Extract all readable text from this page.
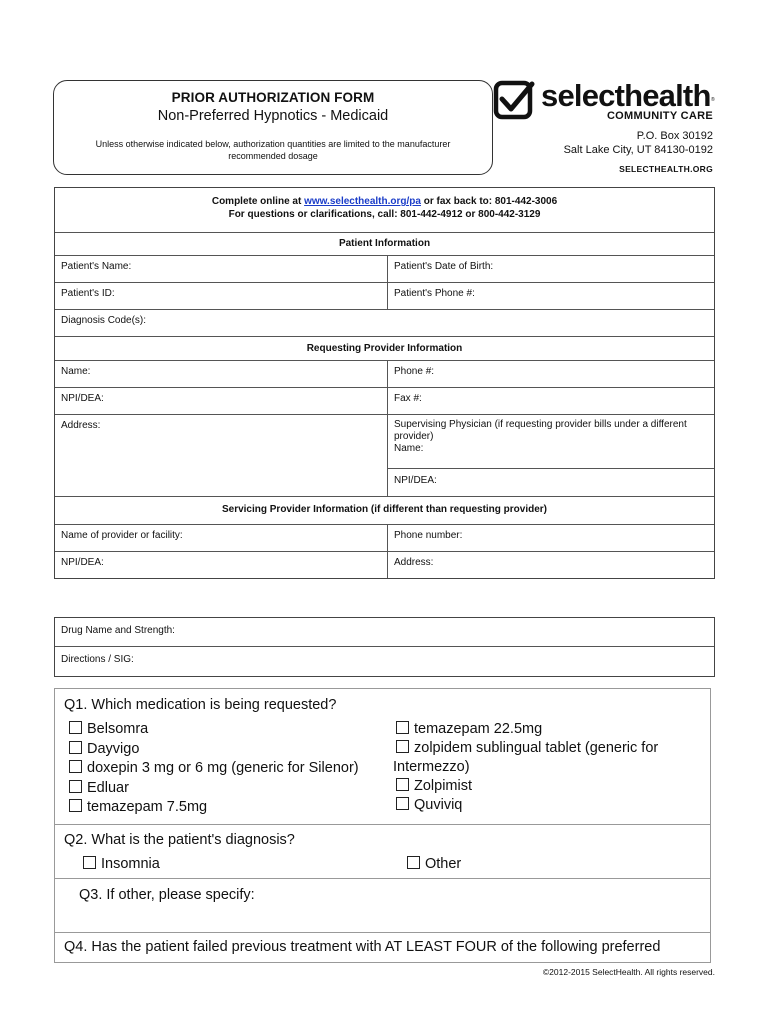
PRIOR AUTHORIZATION FORM
Non-Preferred Hypnotics - Medicaid
Unless otherwise indicated below, authorization quantities are limited to the manufacturer recommended dosage
selecthealth ®
COMMUNITY CARE
P.O. Box 30192
Salt Lake City, UT 84130-0192
SELECTHEALTH.ORG
Complete online at www.selecthealth.org/pa or fax back to: 801-442-3006
For questions or clarifications, call: 801-442-4912 or 800-442-3129
Patient Information
Patient's Name:	Patient's Date of Birth:
Patient's ID:	Patient's Phone #:
Diagnosis Code(s):
Requesting Provider Information
Name:	Phone #:
NPI/DEA:	Fax #:
Address:	Supervising Physician (if requesting provider bills under a different provider)
Name:
NPI/DEA:
Servicing Provider Information (if different than requesting provider)
Name of provider or facility:	Phone number:
NPI/DEA:	Address:
Drug Name and Strength:
Directions / SIG:
Q1. Which medication is being requested?
Belsomra
Dayvigo
doxepin 3 mg or 6 mg (generic for Silenor)
Edluar
temazepam 7.5mg
temazepam 22.5mg
zolpidem sublingual tablet (generic for
Intermezzo)
Zolpimist
Quviviq
Q2. What is the patient's diagnosis?
Insomnia	Other
Q3. If other, please specify:
Q4. Has the patient failed previous treatment with AT LEAST FOUR of the following preferred
©2012-2015 SelectHealth. All rights reserved.
